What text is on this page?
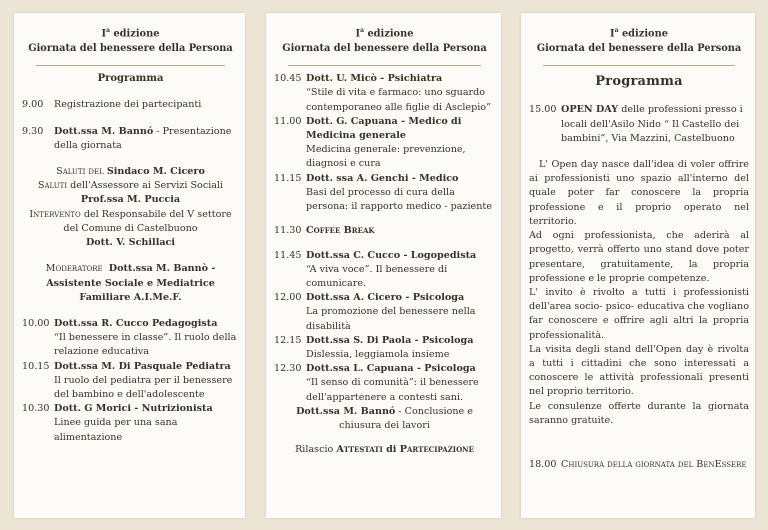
$I^a$ edizione
Giornata del benessere della Persona
Programma
9.00	Registrazione dei partecipanti
9.30	Dott.ssa M. Bannó - Presentazione della giornata
Saluti del Sindaco M. Cicero
Saluti dell'Assessore ai Servizi Sociali
Prof.ssa M. Puccia
Intervento del Responsabile del V settore del Comune di Castelbuono
Dott. V. Schillaci
Moderatore Dott.ssa M. Bannò -
Assistente Sociale e Mediatrice
Familiare A.I.Me.F.
10.00 Dott.ssa R. Cucco Pedagogista
“Il benessere in classe”. Il ruolo della relazione educativa
10.15 Dott.ssa M. Di Pasquale Pediatra
Il ruolo del pediatra per il benessere del bambino e dell'adolescente
10.30 Dott. G Morici - Nutrizionista
Linee guida per una sana alimentazione
$I^a$ edizione
Giornata del benessere della Persona
10.45 Dott. U. Micò - Psichiatra
“Stile di vita e farmaco: uno sguardo contemporaneo alle figlie di Asclepio”
11.00 Dott. G. Capuana - Medico di Medicina generale
Medicina generale: prevenzione, diagnosi e cura
11.15 Dott. ssa A. Genchi - Medico
Basi del processo di cura della persona: il rapporto medico - paziente
11.30 Coffee Break
11.45 Dott.ssa C. Cucco - Logopedista
“A viva voce”. Il benessere di comunicare.
12.00 Dott.ssa A. Cicero - Psicologa
La promozione del benessere nella disabilità
12.15 Dott.ssa S. Di Paola - Psicologa
Dislessia, leggiamola insieme
12.30 Dott.ssa L. Capuana - Psicologa
“Il senso di comunità”: il benessere dell'appartenere a contesti sani.
Dott.ssa M. Bannó - Conclusione e chiusura dei lavori
Rilascio Attestati di Partecipazione
$I^a$ edizione
Giornata del benessere della Persona
Programma
15.00 OPEN DAY delle professioni presso i locali dell'Asilo Nido “ Il Castello dei bambini”, Via Mazzini, Castelbuono
L' Open day nasce dall'idea di voler offrire ai professionisti uno spazio all'interno del quale poter far conoscere la propria professione e il proprio operato nel territorio.
Ad ogni professionista, che aderirà al progetto, verrà offerto uno stand dove poter presentare, gratuitamente, la propria professione e le proprie competenze.
L' invito è rivolto a tutti i professionisti dell'area socio- psico- educativa che vogliano far conoscere e offrire agli altri la propria professionalità.
La visita degli stand dell'Open day è rivolta a tutti i cittadini che sono interessati a conoscere le attività professionali presenti nel proprio territorio.
Le consulenze offerte durante la giornata saranno gratuite.
18.00 Chiusura della giornata del BenEssere
